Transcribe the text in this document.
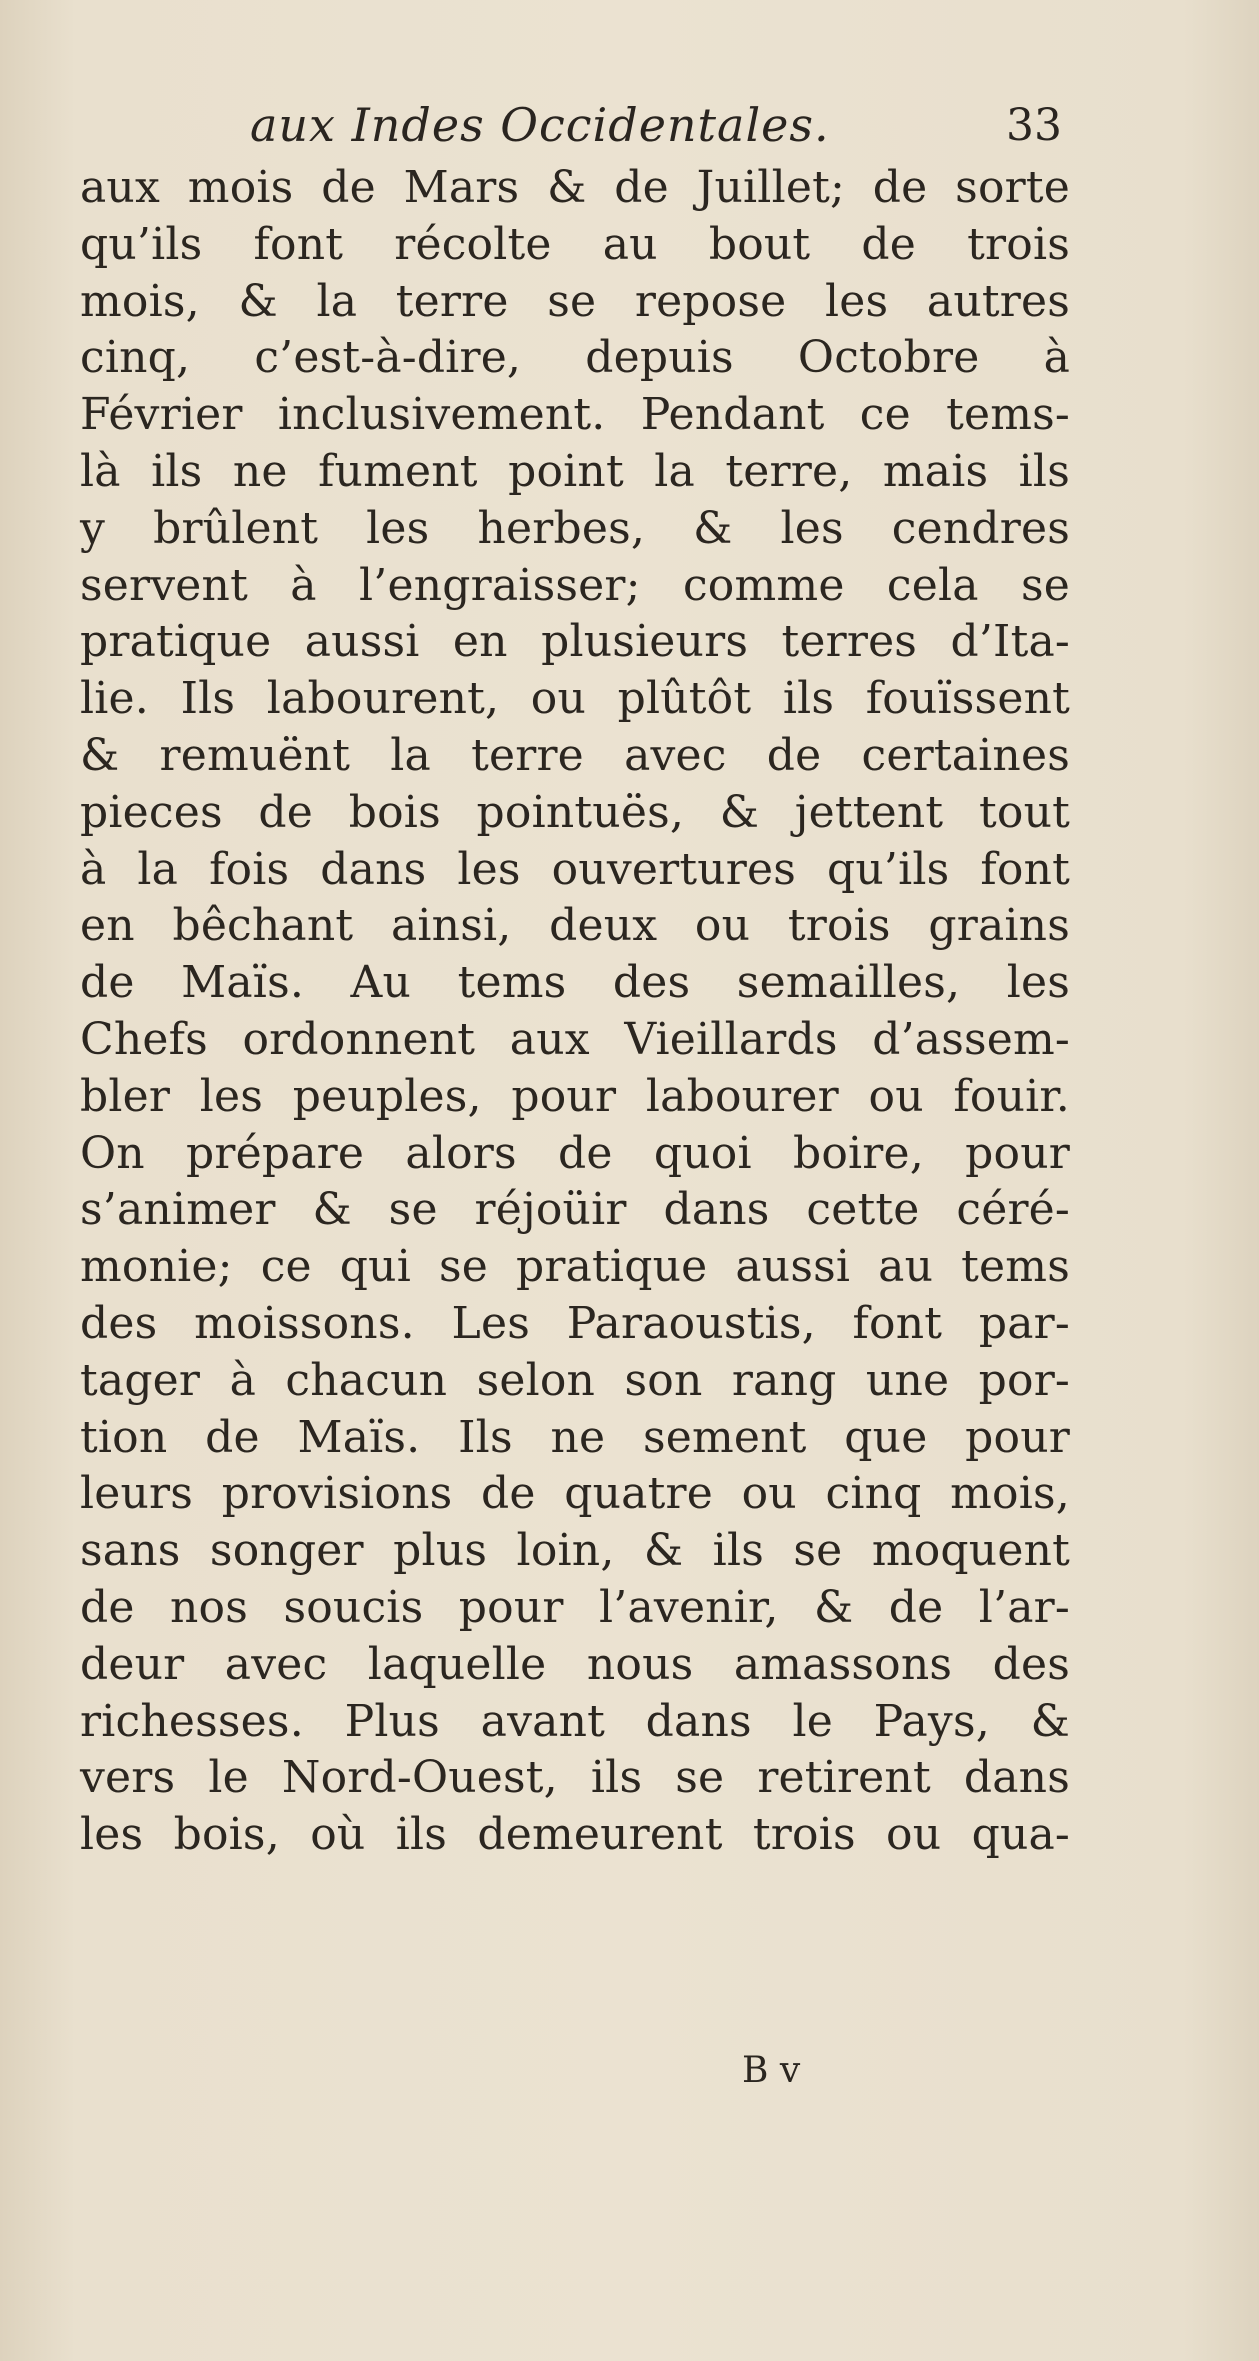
aux Indes Occidentales.	33
aux mois de Mars & de Juillet; de sorte
qu’ils font récolte au bout de trois
mois, & la terre se repose les autres
cinq, c’est-à-dire, depuis Octobre à
Février inclusivement. Pendant ce tems-
là ils ne fument point la terre, mais ils
y brûlent les herbes, & les cendres
servent à l’engraisser; comme cela se
pratique aussi en plusieurs terres d’Ita-
lie. Ils labourent, ou plûtôt ils fouïssent
& remuënt la terre avec de certaines
pieces de bois pointuës, & jettent tout
à la fois dans les ouvertures qu’ils font
en bêchant ainsi, deux ou trois grains
de Maïs. Au tems des semailles, les
Chefs ordonnent aux Vieillards d’assem-
bler les peuples, pour labourer ou fouir.
On prépare alors de quoi boire, pour
s’animer & se réjoüir dans cette céré-
monie; ce qui se pratique aussi au tems
des moissons. Les Paraoustis, font par-
tager à chacun selon son rang une por-
tion de Maïs. Ils ne sement que pour
leurs provisions de quatre ou cinq mois,
sans songer plus loin, & ils se moquent
de nos soucis pour l’avenir, & de l’ar-
deur avec laquelle nous amassons des
richesses. Plus avant dans le Pays, &
vers le Nord-Ouest, ils se retirent dans
les bois, où ils demeurent trois ou qua-
B v
